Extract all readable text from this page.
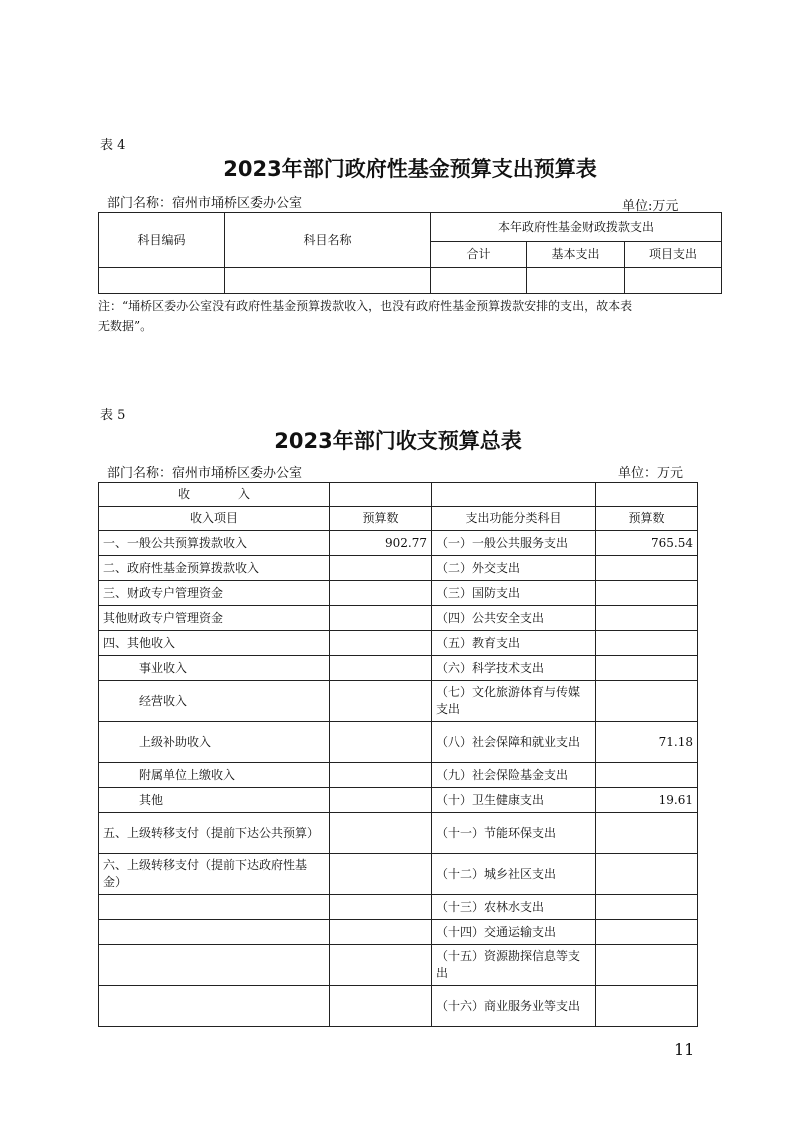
表 4
2023年部门政府性基金预算支出预算表
部门名称：宿州市埇桥区委办公室	单位:万元
科目编码	科目名称	本年政府性基金财政拨款支出		
		合计	基本支出	项目支出

注：“埇桥区委办公室没有政府性基金预算拨款收入，也没有政府性基金预算拨款安排的支出，故本表
无数据”。
表 5
2023年部门收支预算总表
部门名称：宿州市埇桥区委办公室	单位：万元
收　　　　入			
收入项目	预算数	支出功能分类科目	预算数
一、一般公共预算拨款收入	902.77	（一）一般公共服务支出	765.54
二、政府性基金预算拨款收入		（二）外交支出	
三、财政专户管理资金		（三）国防支出	
其他财政专户管理资金		（四）公共安全支出	
四、其他收入		（五）教育支出	
事业收入		（六）科学技术支出	
经营收入		（七）文化旅游体育与传媒支出	
上级补助收入		（八）社会保障和就业支出	71.18
附属单位上缴收入		（九）社会保险基金支出	
其他		（十）卫生健康支出	19.61
五、上级转移支付（提前下达公共预算）		（十一）节能环保支出	
六、上级转移支付（提前下达政府性基金）		（十二）城乡社区支出	
		（十三）农林水支出	
		（十四）交通运输支出	
		（十五）资源勘探信息等支出	
		（十六）商业服务业等支出	
11
